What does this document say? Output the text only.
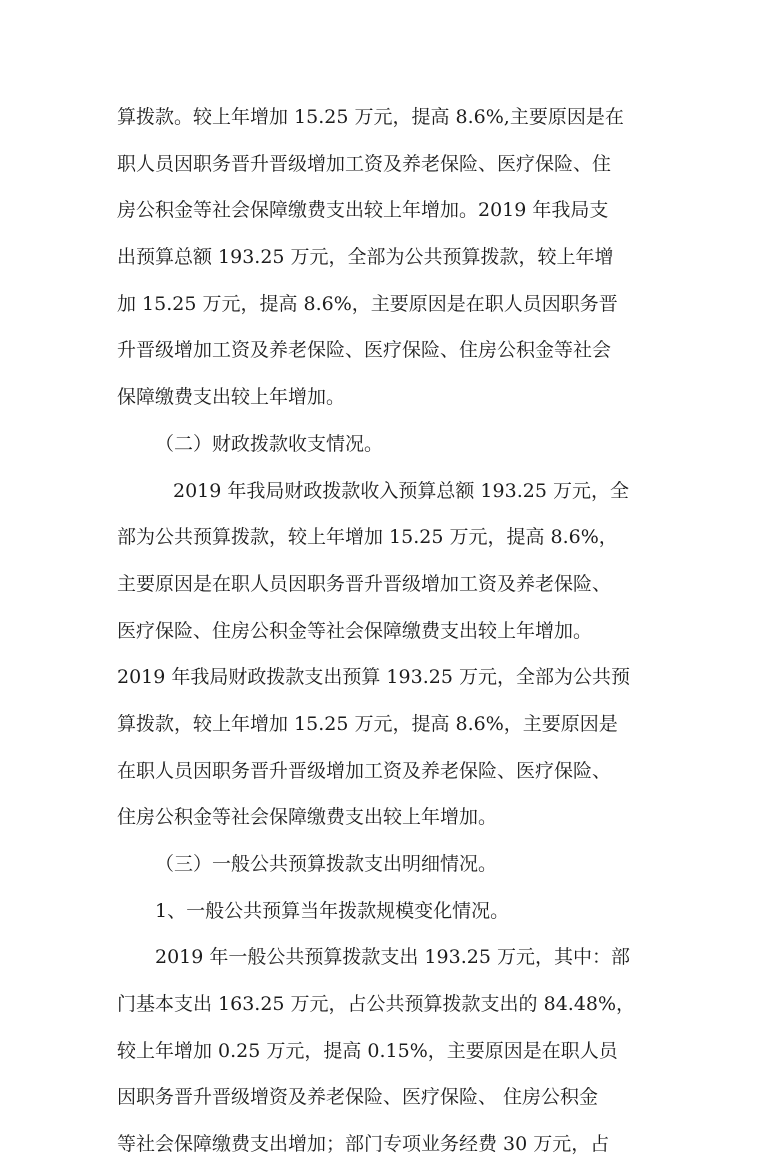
算拨款。较上年增加 15.25 万元，提高 8.6%,主要原因是在
职人员因职务晋升晋级增加工资及养老保险、医疗保险、住
房公积金等社会保障缴费支出较上年增加。2019 年我局支
出预算总额 193.25 万元，全部为公共预算拨款，较上年增
加 15.25 万元，提高 8.6%，主要原因是在职人员因职务晋
升晋级增加工资及养老保险、医疗保险、住房公积金等社会
保障缴费支出较上年增加。
（二）财政拨款收支情况。
2019 年我局财政拨款收入预算总额 193.25 万元，全
部为公共预算拨款，较上年增加 15.25 万元，提高 8.6%，
主要原因是在职人员因职务晋升晋级增加工资及养老保险、
医疗保险、住房公积金等社会保障缴费支出较上年增加。
2019 年我局财政拨款支出预算 193.25 万元，全部为公共预
算拨款，较上年增加 15.25 万元，提高 8.6%，主要原因是
在职人员因职务晋升晋级增加工资及养老保险、医疗保险、
住房公积金等社会保障缴费支出较上年增加。
（三）一般公共预算拨款支出明细情况。
1、一般公共预算当年拨款规模变化情况。
2019 年一般公共预算拨款支出 193.25 万元，其中：部
门基本支出 163.25 万元，占公共预算拨款支出的 84.48%，
较上年增加 0.25 万元，提高 0.15%，主要原因是在职人员
因职务晋升晋级增资及养老保险、医疗保险、 住房公积金
等社会保障缴费支出增加；部门专项业务经费 30 万元，占
